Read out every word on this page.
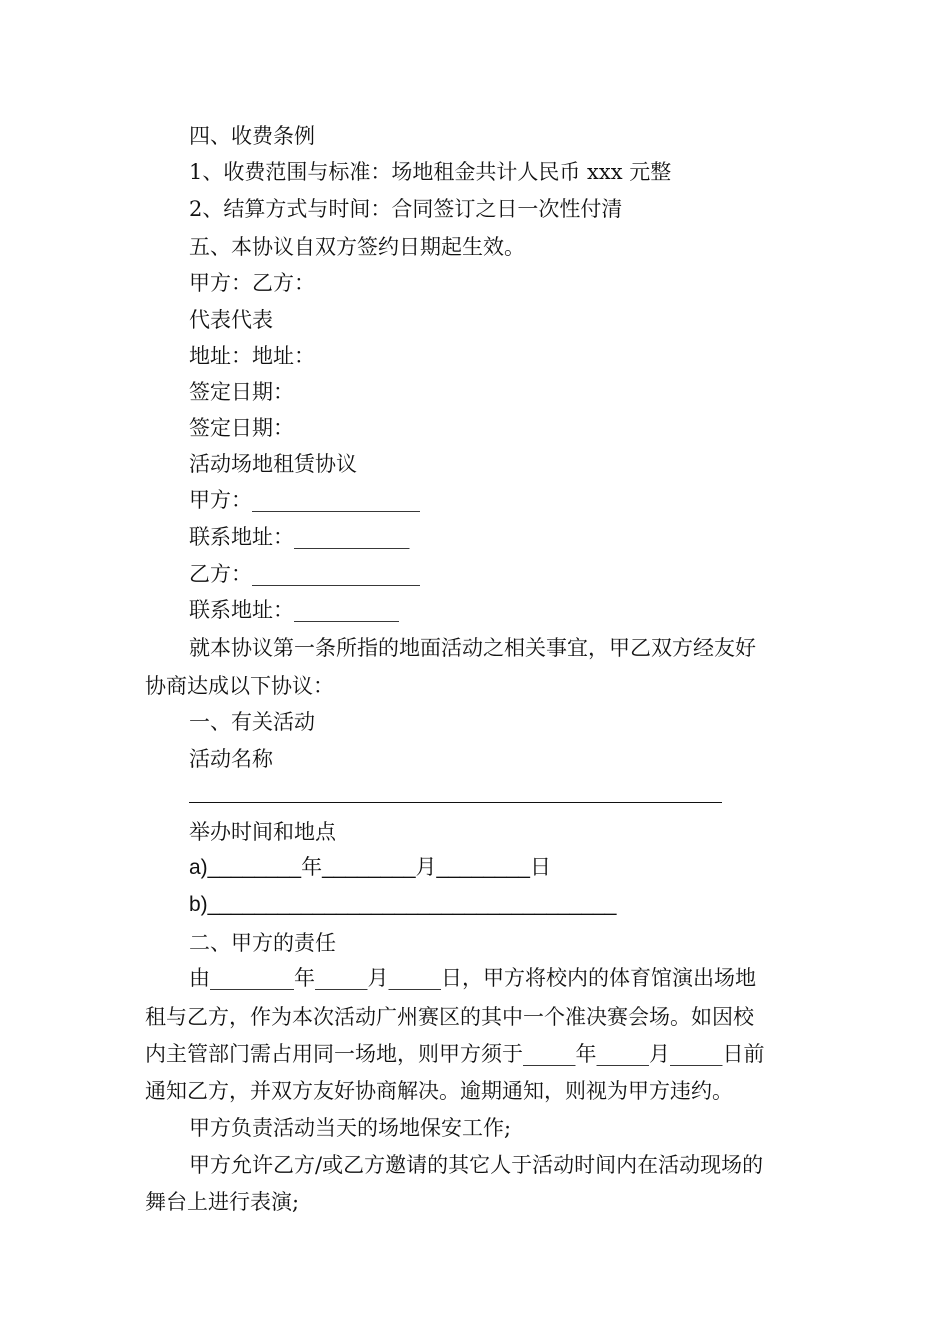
四、收费条例
1、收费范围与标准：场地租金共计人民币 xxx 元整
2、结算方式与时间：合同签订之日一次性付清
五、本协议自双方签约日期起生效。
甲方：乙方：
代表代表
地址：地址：
签定日期：
签定日期：
活动场地租赁协议
甲方：________________
联系地址：___________
乙方：________________
联系地址：__________
就本协议第一条所指的地面活动之相关事宜，甲乙双方经友好
协商达成以下协议：
一、有关活动
活动名称
举办时间和地点
a)________年________月________日
b)___________________________________
二、甲方的责任
由________年_____月_____日，甲方将校内的体育馆演出场地
租与乙方，作为本次活动广州赛区的其中一个准决赛会场。如因校
内主管部门需占用同一场地，则甲方须于_____年_____月_____日前
通知乙方，并双方友好协商解决。逾期通知，则视为甲方违约。
甲方负责活动当天的场地保安工作;
甲方允许乙方/或乙方邀请的其它人于活动时间内在活动现场的
舞台上进行表演;
